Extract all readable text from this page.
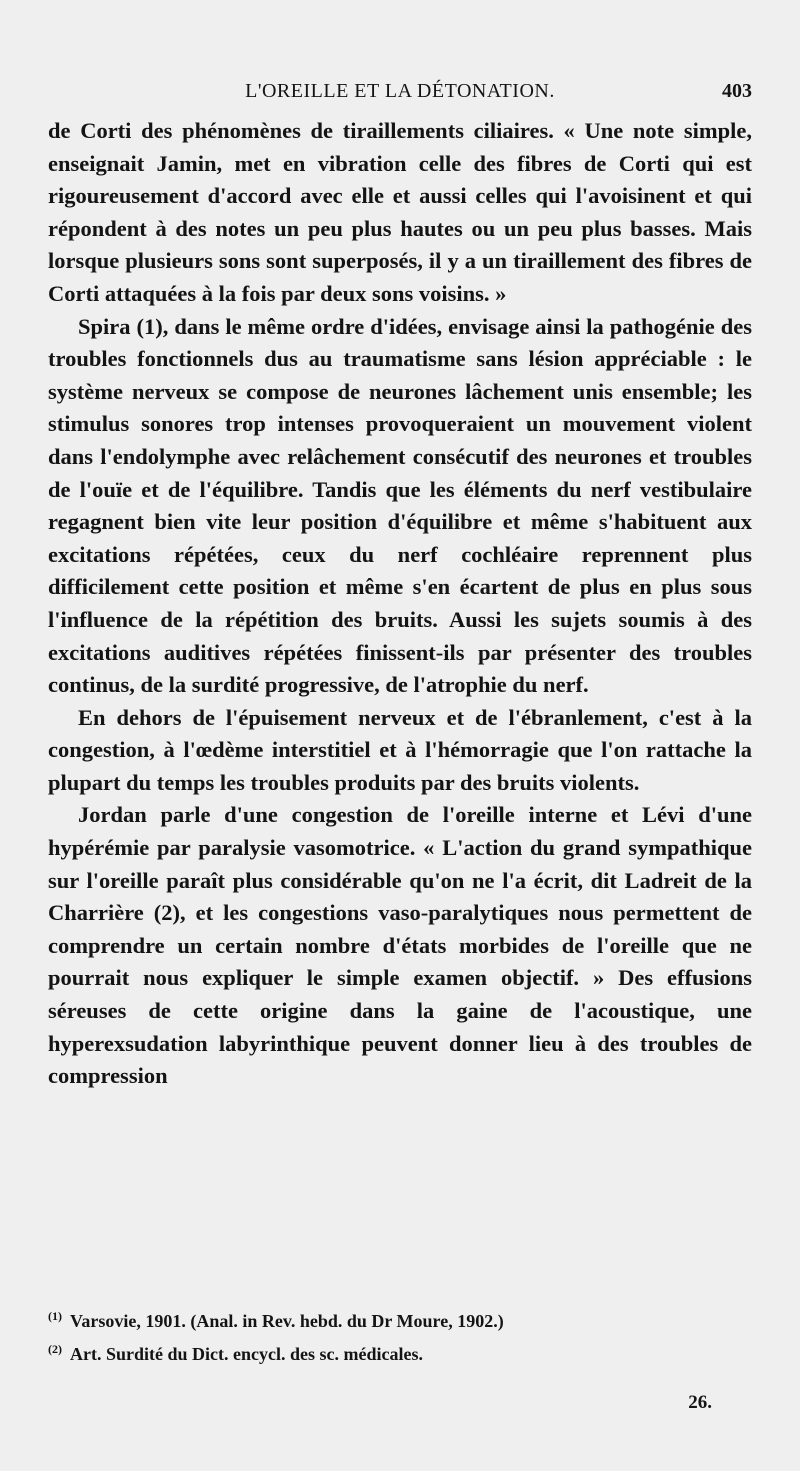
L'OREILLE ET LA DÉTONATION.	403

de Corti des phénomènes de tiraillements ciliaires. « Une note simple, enseignait Jamin, met en vibration celle des fibres de Corti qui est rigoureusement d'accord avec elle et aussi celles qui l'avoisinent et qui répondent à des notes un peu plus hautes ou un peu plus basses. Mais lorsque plusieurs sons sont superposés, il y a un tiraillement des fibres de Corti attaquées à la fois par deux sons voisins. »

Spira (1), dans le même ordre d'idées, envisage ainsi la pathogénie des troubles fonctionnels dus au traumatisme sans lésion appréciable : le système nerveux se compose de neurones lâchement unis ensemble; les stimulus sonores trop intenses provoqueraient un mouvement violent dans l'endolymphe avec relâchement consécutif des neurones et troubles de l'ouïe et de l'équilibre. Tandis que les éléments du nerf vestibulaire regagnent bien vite leur position d'équilibre et même s'habituent aux excitations répétées, ceux du nerf cochléaire reprennent plus difficilement cette position et même s'en écartent de plus en plus sous l'influence de la répétition des bruits. Aussi les sujets soumis à des excitations auditives répétées finissent-ils par présenter des troubles continus, de la surdité progressive, de l'atrophie du nerf.

En dehors de l'épuisement nerveux et de l'ébranlement, c'est à la congestion, à l'œdème interstitiel et à l'hémorragie que l'on rattache la plupart du temps les troubles produits par des bruits violents.

Jordan parle d'une congestion de l'oreille interne et Lévi d'une hypérémie par paralysie vasomotrice. « L'action du grand sympathique sur l'oreille paraît plus considérable qu'on ne l'a écrit, dit Ladreit de la Charrière (2), et les congestions vaso-paralytiques nous permettent de comprendre un certain nombre d'états morbides de l'oreille que ne pourrait nous expliquer le simple examen objectif. » Des effusions séreuses de cette origine dans la gaine de l'acoustique, une hyperexsudation labyrinthique peuvent donner lieu à des troubles de compression

$^{(1)}$ Varsovie, 1901. (Anal. in Rev. hebd. du Dr Moure, 1902.)

$^{(2)}$ Art. Surdité du Dict. encycl. des sc. médicales.

26.
